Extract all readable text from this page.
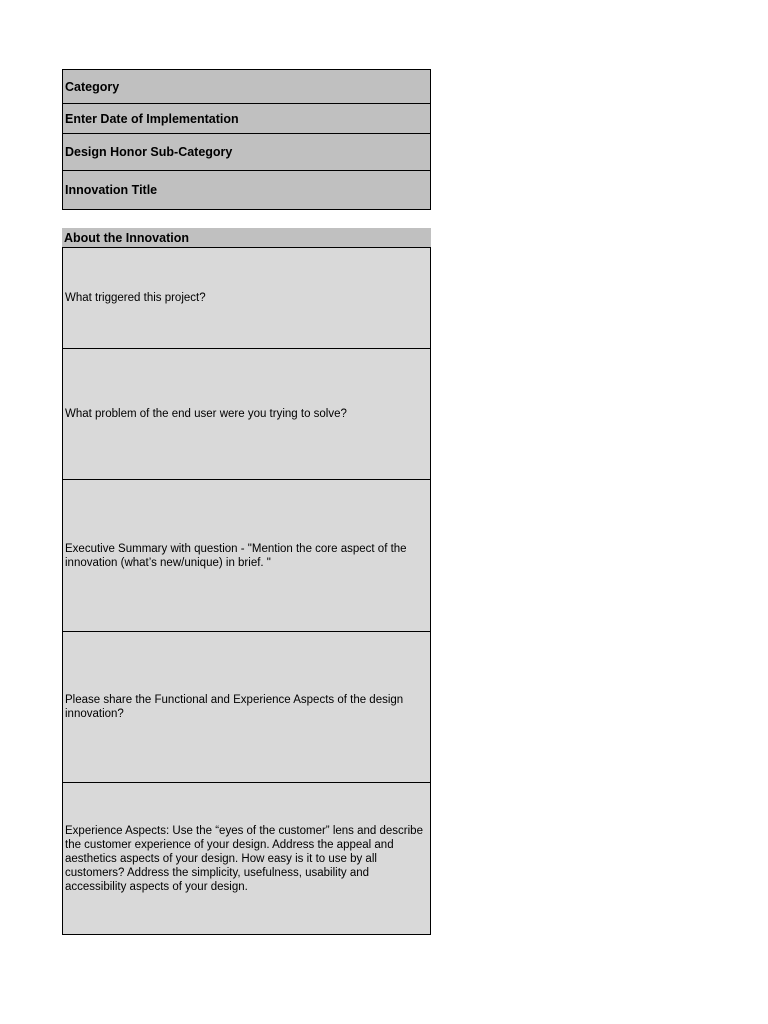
Category
Enter Date of Implementation
Design Honor Sub-Category
Innovation Title
About the Innovation
What triggered this project?
What problem of the end user were you trying to solve?
Executive Summary with question - "Mention the core aspect of the innovation (what’s new/unique) in brief. "
Please share the Functional and Experience Aspects of the design innovation?
Experience Aspects: Use the “eyes of the customer” lens and describe the customer experience of your design. Address the appeal and aesthetics aspects of your design. How easy is it to use by all customers? Address the simplicity, usefulness, usability and accessibility aspects of your design.
